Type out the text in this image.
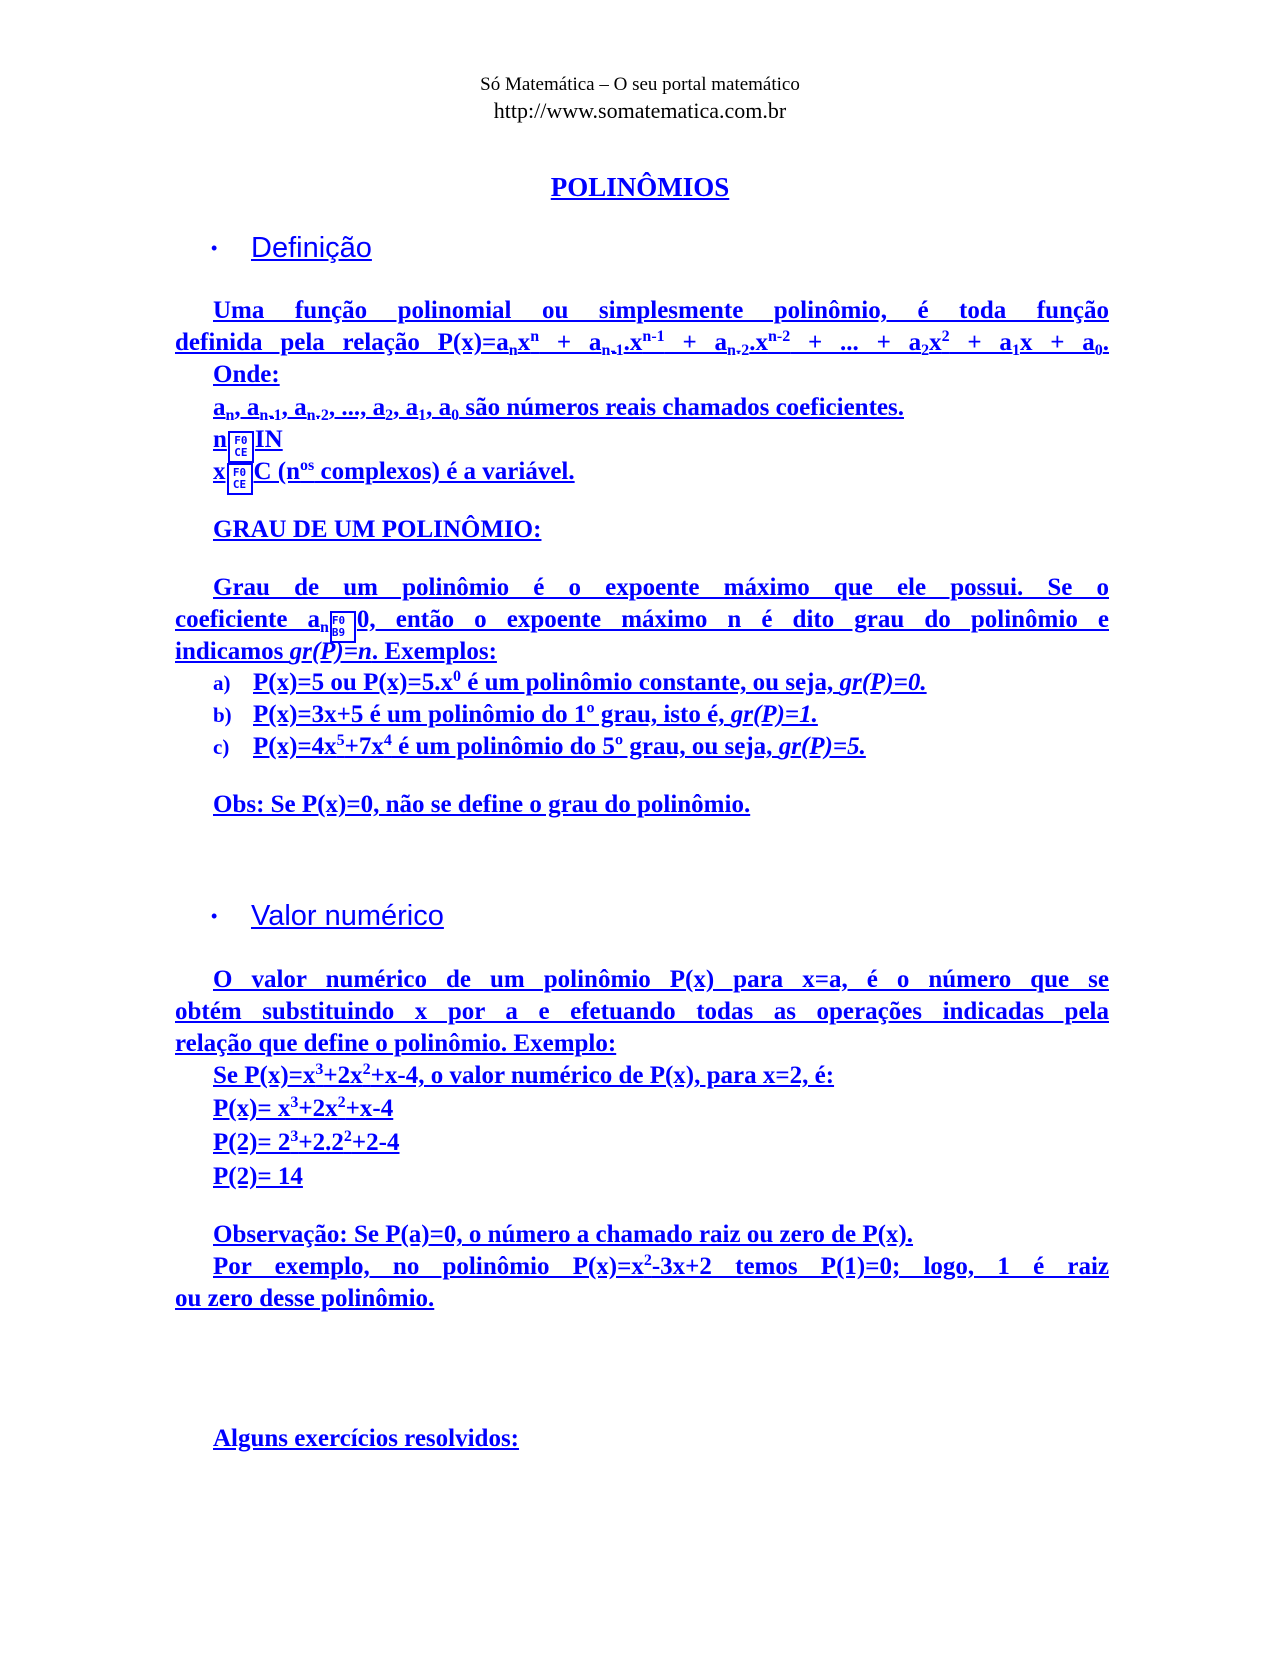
Só Matemática – O seu portal matemático
http://www.somatematica.com.br
POLINÔMIOS
• Definição
Uma função polinomial ou simplesmente polinômio, é toda função
definida pela relação $P(x)=a_nx^n + a_{n-1}.x^{n-1} + a_{n-2}.x^{n-2}$ + ... + $a_2x^2 + a_1x + a_0$.
Onde:
$a_n$, $a_{n-1}$, $a_{n-2}$, ..., $a_2$, $a_1$, $a_0$ são números reais chamados coeficientes.
n F0
CE IN
x F0
CE C ($n^{os}$ complexos) é a variável.
GRAU DE UM POLINÔMIO:
Grau de um polinômio é o expoente máximo que ele possui. Se o
coeficiente $a_n$ F0
B9 0, então o expoente máximo n é dito grau do polinômio e
indicamos gr(P)=n. Exemplos:
a) P(x)=5 ou $P(x)=5.x^0$ é um polinômio constante, ou seja, gr(P)=0.
b) P(x)=3x+5 é um polinômio do 1º grau, isto é, gr(P)=1.
c) $P(x)=4x^5+7x^4$ é um polinômio do 5º grau, ou seja, gr(P)=5.
Obs: Se P(x)=0, não se define o grau do polinômio.
• Valor numérico
O valor numérico de um polinômio P(x) para x=a, é o número que se
obtém substituindo x por a e efetuando todas as operações indicadas pela
relação que define o polinômio. Exemplo:
Se $P(x)=x^3+2x^2+x-4$, o valor numérico de P(x), para x=2, é:
$P(x)= x^3+2x^2+x-4$
$P(2)= 2^3+2.2^2+2-4$
P(2)= 14
Observação: Se P(a)=0, o número a chamado raiz ou zero de P(x).
Por exemplo, no polinômio $P(x)=x^2-3x+2$ temos P(1)=0; logo, 1 é raiz
ou zero desse polinômio.
Alguns exercícios resolvidos:
